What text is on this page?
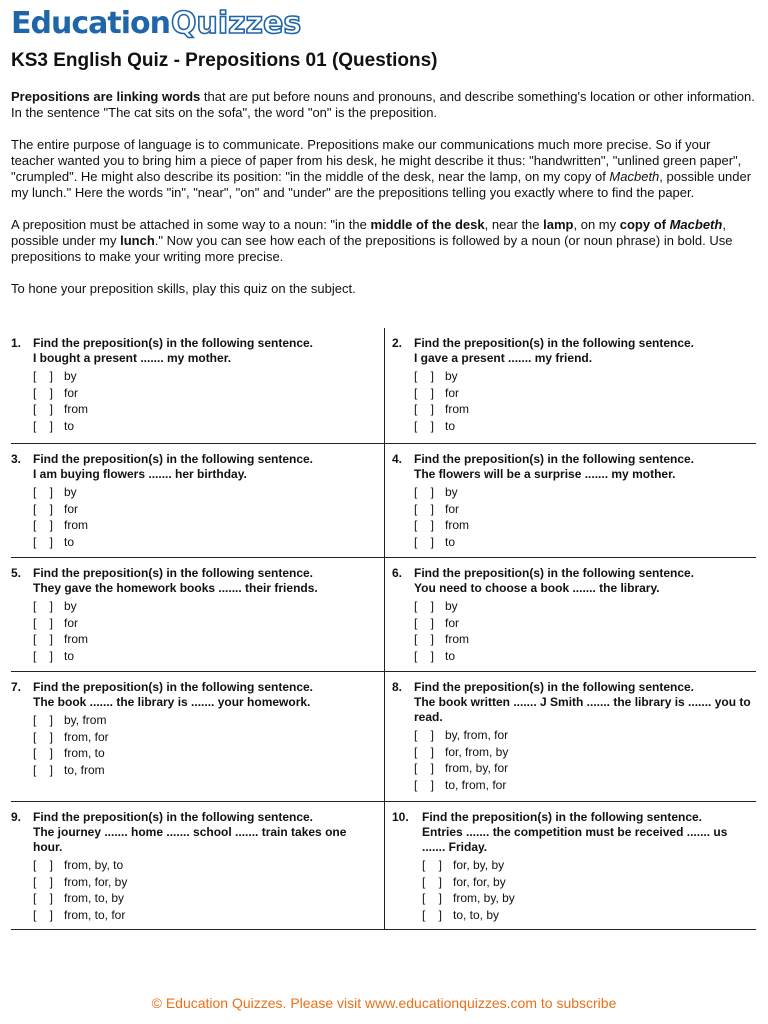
Education Quizzes
KS3 English Quiz - Prepositions 01 (Questions)

Prepositions are linking words that are put before nouns and pronouns, and describe something's location or other information. In the sentence "The cat sits on the sofa", the word "on" is the preposition.

The entire purpose of language is to communicate. Prepositions make our communications much more precise. So if your teacher wanted you to bring him a piece of paper from his desk, he might describe it thus: "handwritten", "unlined green paper", "crumpled". He might also describe its position: "in the middle of the desk, near the lamp, on my copy of Macbeth, possible under my lunch." Here the words "in", "near", "on" and "under" are the prepositions telling you exactly where to find the paper.

A preposition must be attached in some way to a noun: "in the middle of the desk, near the lamp, on my copy of Macbeth, possible under my lunch." Now you can see how each of the prepositions is followed by a noun (or noun phrase) in bold. Use prepositions to make your writing more precise.

To hone your preposition skills, play this quiz on the subject.

1. Find the preposition(s) in the following sentence.
I bought a present ....... my mother.
[    ] by
[    ] for
[    ] from
[    ] to
2. Find the preposition(s) in the following sentence.
I gave a present ....... my friend.
[    ] by
[    ] for
[    ] from
[    ] to
3. Find the preposition(s) in the following sentence.
I am buying flowers ....... her birthday.
[    ] by
[    ] for
[    ] from
[    ] to
4. Find the preposition(s) in the following sentence.
The flowers will be a surprise ....... my mother.
[    ] by
[    ] for
[    ] from
[    ] to
5. Find the preposition(s) in the following sentence.
They gave the homework books ....... their friends.
[    ] by
[    ] for
[    ] from
[    ] to
6. Find the preposition(s) in the following sentence.
You need to choose a book ....... the library.
[    ] by
[    ] for
[    ] from
[    ] to
7. Find the preposition(s) in the following sentence.
The book ....... the library is ....... your homework.
[    ] by, from
[    ] from, for
[    ] from, to
[    ] to, from
8. Find the preposition(s) in the following sentence.
The book written ....... J Smith ....... the library is ....... you to read.
[    ] by, from, for
[    ] for, from, by
[    ] from, by, for
[    ] to, from, for
9. Find the preposition(s) in the following sentence.
The journey ....... home ....... school ....... train takes one hour.
[    ] from, by, to
[    ] from, for, by
[    ] from, to, by
[    ] from, to, for
10.	Find the preposition(s) in the following sentence.
Entries ....... the competition must be received ....... us ....... Friday.
[    ] for, by, by
[    ] for, for, by
[    ] from, by, by
[    ] to, to, by
© Education Quizzes. Please visit www.educationquizzes.com to subscribe
